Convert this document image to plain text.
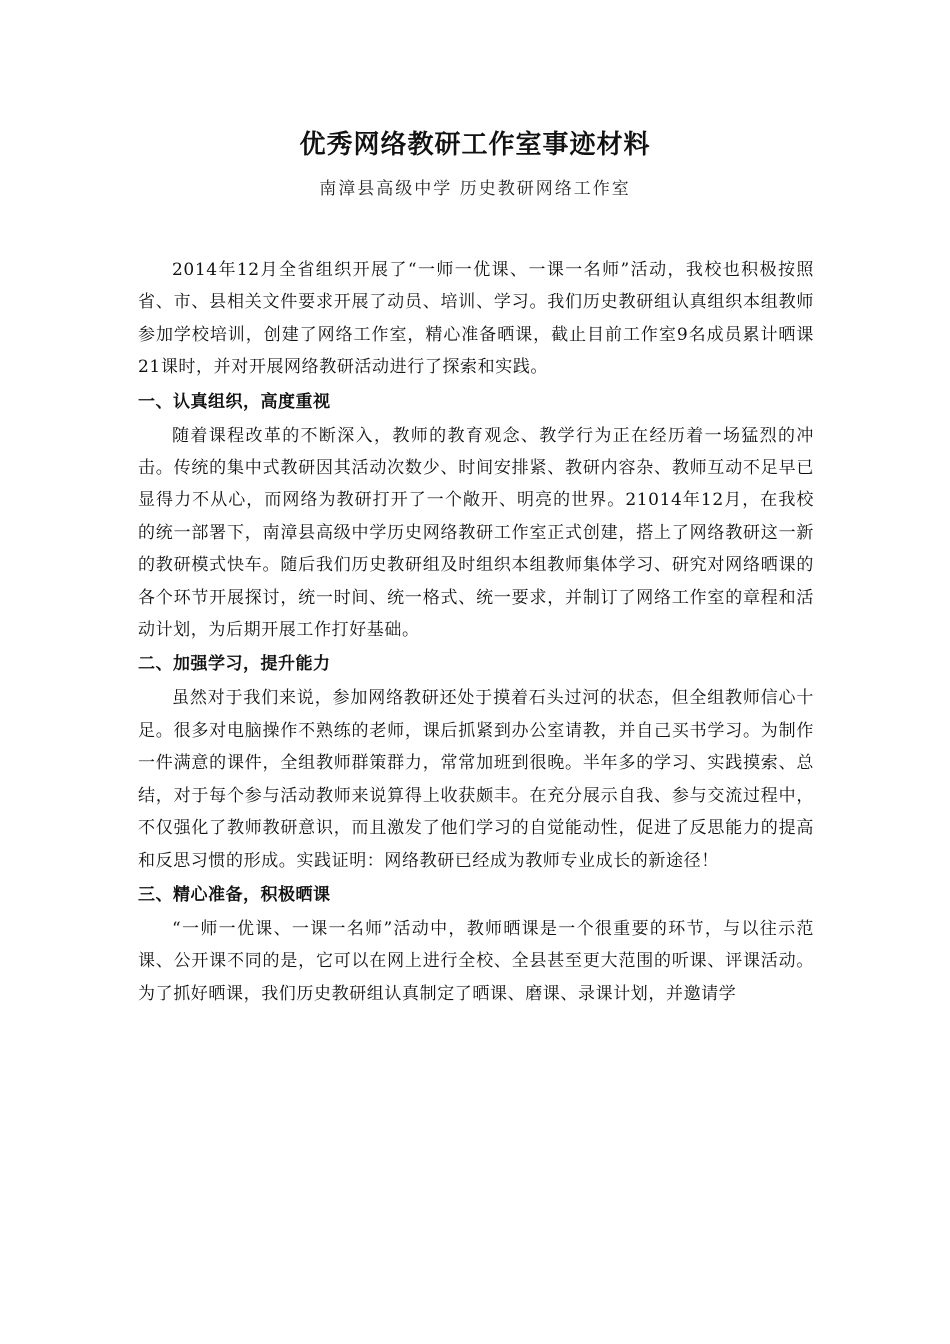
优秀网络教研工作室事迹材料
南漳县高级中学 历史教研网络工作室

2014年12月全省组织开展了“一师一优课、一课一名师”活动，我校也积极按照省、市、县相关文件要求开展了动员、培训、学习。我们历史教研组认真组织本组教师参加学校培训，创建了网络工作室，精心准备晒课，截止目前工作室9名成员累计晒课21课时，并对开展网络教研活动进行了探索和实践。

一、认真组织，高度重视

随着课程改革的不断深入，教师的教育观念、教学行为正在经历着一场猛烈的冲击。传统的集中式教研因其活动次数少、时间安排紧、教研内容杂、教师互动不足早已显得力不从心，而网络为教研打开了一个敞开、明亮的世界。21014年12月，在我校的统一部署下，南漳县高级中学历史网络教研工作室正式创建，搭上了网络教研这一新的教研模式快车。随后我们历史教研组及时组织本组教师集体学习、研究对网络晒课的各个环节开展探讨，统一时间、统一格式、统一要求，并制订了网络工作室的章程和活动计划，为后期开展工作打好基础。

二、加强学习，提升能力

虽然对于我们来说，参加网络教研还处于摸着石头过河的状态，但全组教师信心十足。很多对电脑操作不熟练的老师，课后抓紧到办公室请教，并自己买书学习。为制作一件满意的课件，全组教师群策群力，常常加班到很晚。半年多的学习、实践摸索、总结，对于每个参与活动教师来说算得上收获颇丰。在充分展示自我、参与交流过程中，不仅强化了教师教研意识，而且激发了他们学习的自觉能动性，促进了反思能力的提高和反思习惯的形成。实践证明：网络教研已经成为教师专业成长的新途径！

三、精心准备，积极晒课

“一师一优课、一课一名师”活动中，教师晒课是一个很重要的环节，与以往示范课、公开课不同的是，它可以在网上进行全校、全县甚至更大范围的听课、评课活动。为了抓好晒课，我们历史教研组认真制定了晒课、磨课、录课计划，并邀请学
